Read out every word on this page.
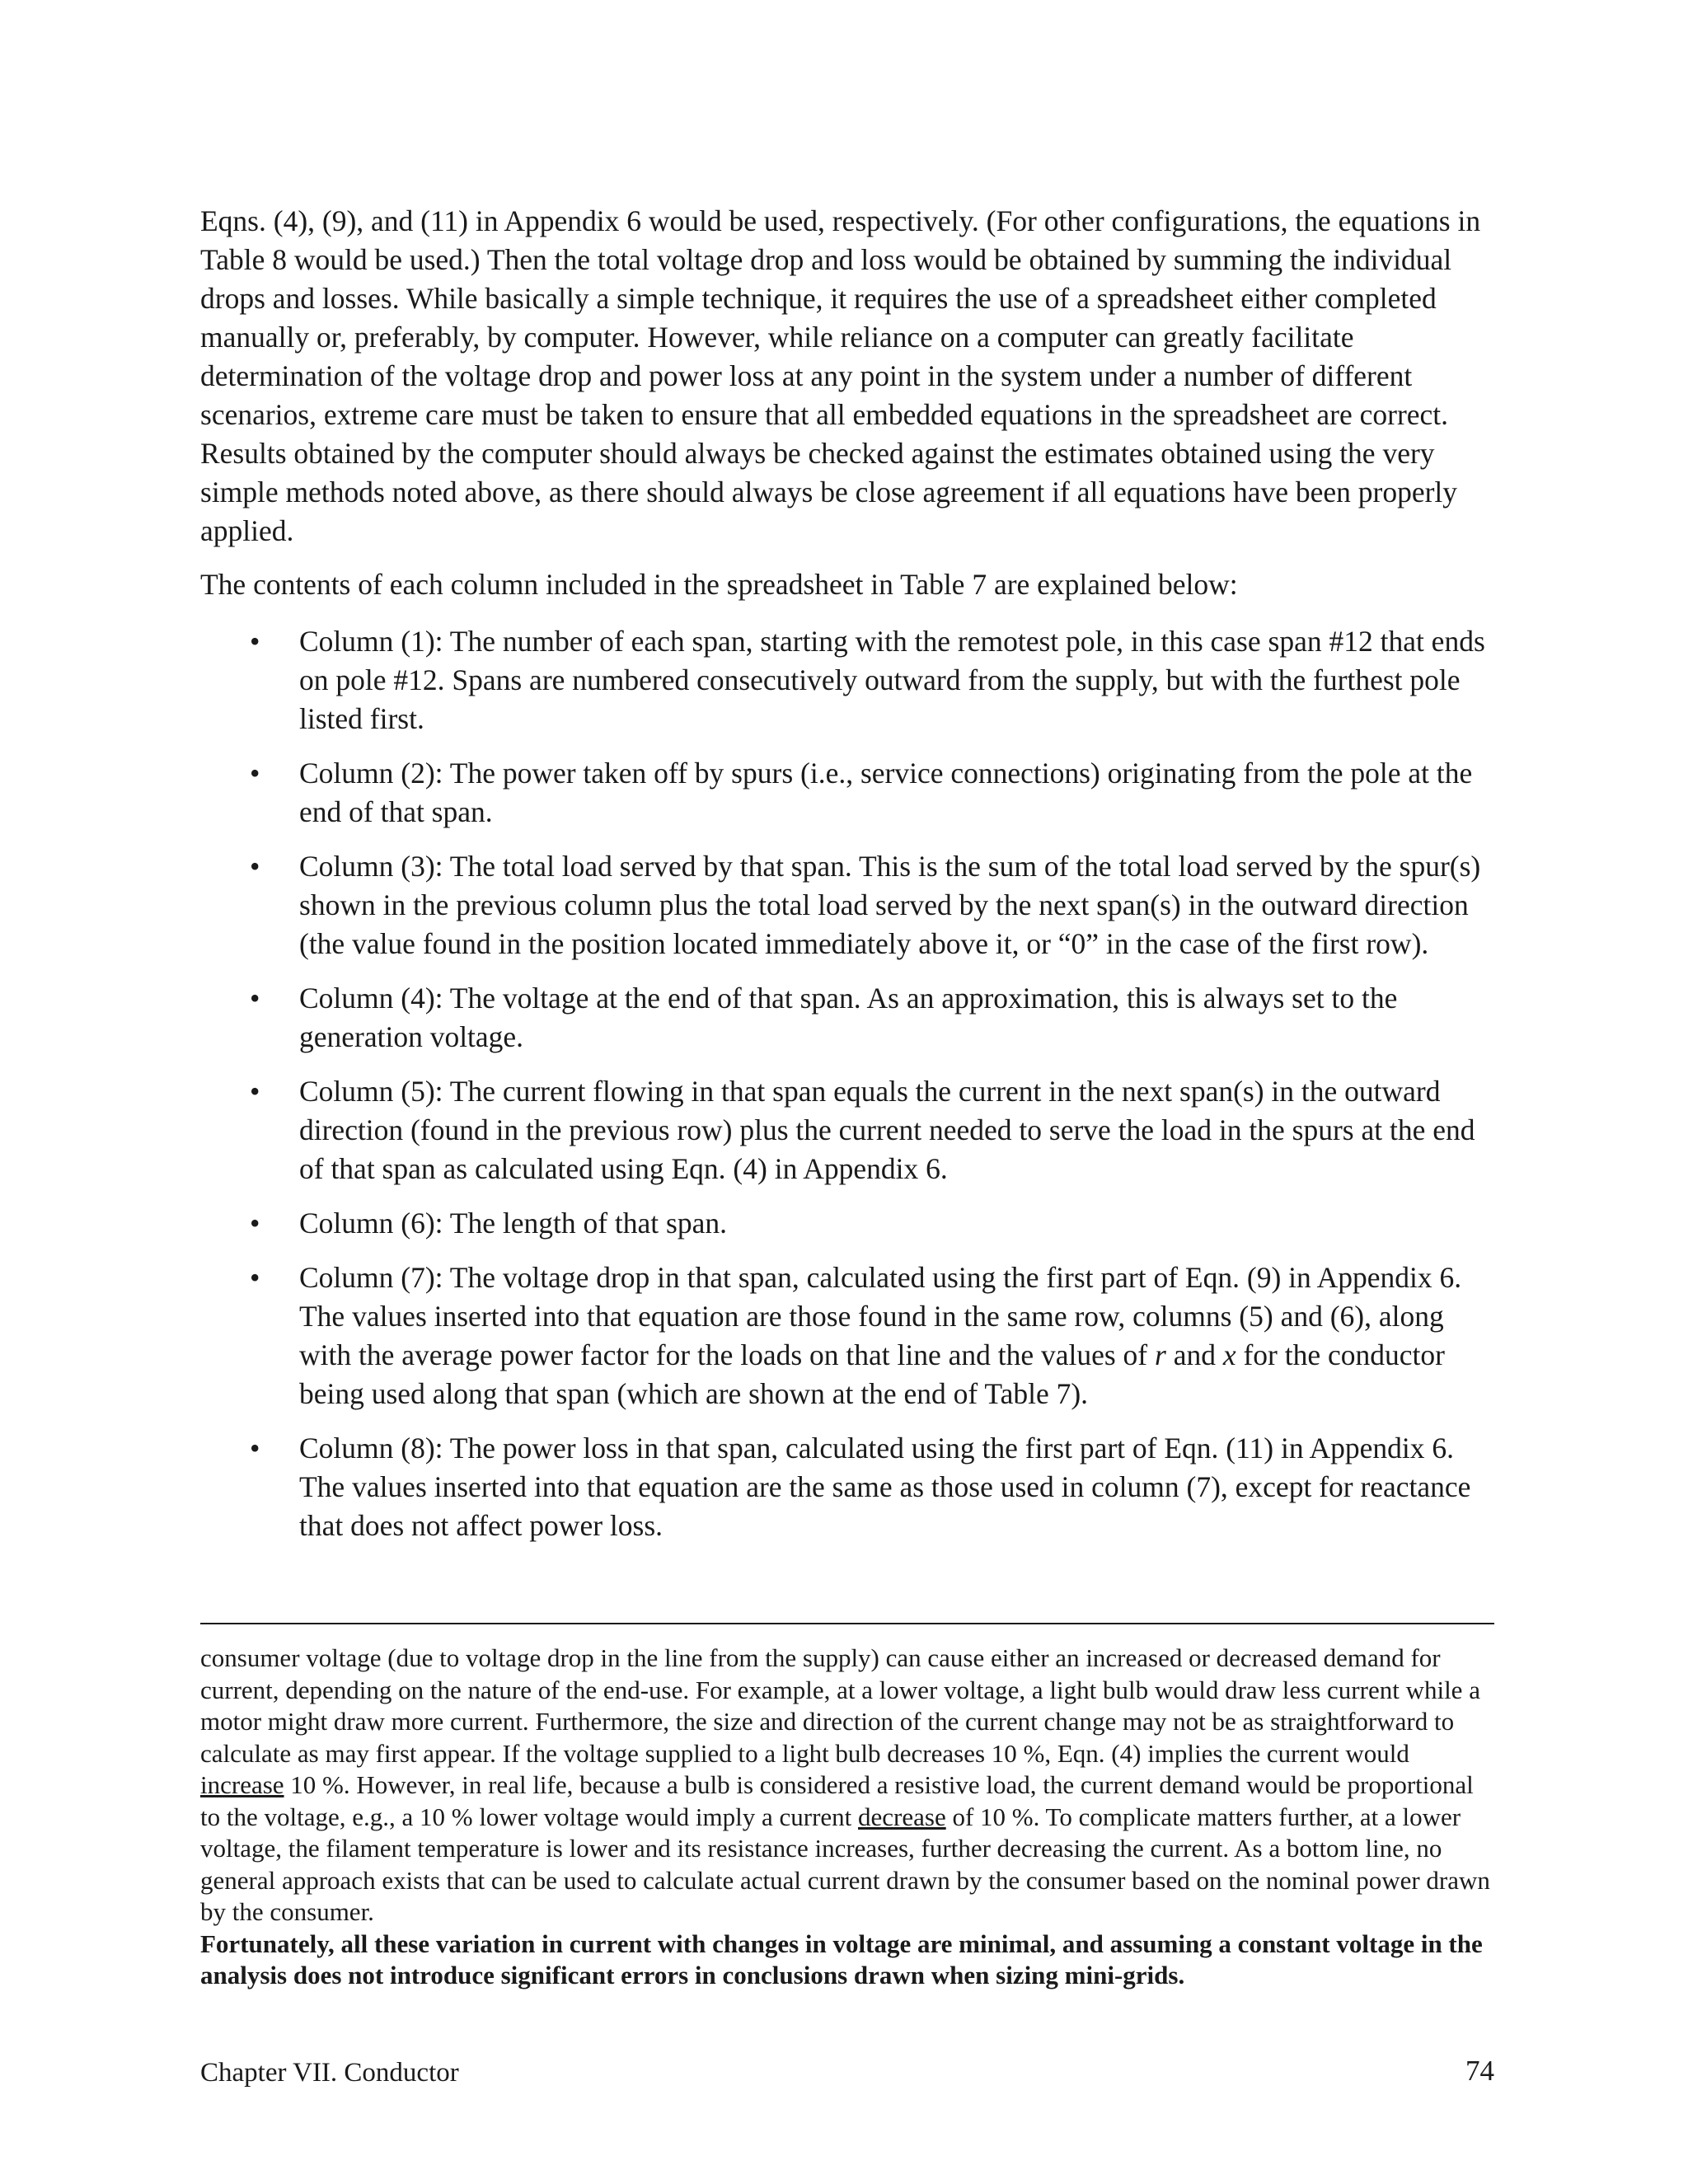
Eqns. (4), (9), and (11) in Appendix 6 would be used, respectively. (For other configurations, the equations in Table 8 would be used.) Then the total voltage drop and loss would be obtained by summing the individual drops and losses. While basically a simple technique, it requires the use of a spreadsheet either completed manually or, preferably, by computer. However, while reliance on a computer can greatly facilitate determination of the voltage drop and power loss at any point in the system under a number of different scenarios, extreme care must be taken to ensure that all embedded equations in the spreadsheet are correct. Results obtained by the computer should always be checked against the estimates obtained using the very simple methods noted above, as there should always be close agreement if all equations have been properly applied.

The contents of each column included in the spreadsheet in Table 7 are explained below:

• Column (1): The number of each span, starting with the remotest pole, in this case span #12 that ends on pole #12. Spans are numbered consecutively outward from the supply, but with the furthest pole listed first.
• Column (2): The power taken off by spurs (i.e., service connections) originating from the pole at the end of that span.
• Column (3): The total load served by that span. This is the sum of the total load served by the spur(s) shown in the previous column plus the total load served by the next span(s) in the outward direction (the value found in the position located immediately above it, or “0” in the case of the first row).
• Column (4): The voltage at the end of that span. As an approximation, this is always set to the generation voltage.
• Column (5): The current flowing in that span equals the current in the next span(s) in the outward direction (found in the previous row) plus the current needed to serve the load in the spurs at the end of that span as calculated using Eqn. (4) in Appendix 6.
• Column (6): The length of that span.
• Column (7): The voltage drop in that span, calculated using the first part of Eqn. (9) in Appendix 6. The values inserted into that equation are those found in the same row, columns (5) and (6), along with the average power factor for the loads on that line and the values of r and x for the conductor being used along that span (which are shown at the end of Table 7).
• Column (8): The power loss in that span, calculated using the first part of Eqn. (11) in Appendix 6. The values inserted into that equation are the same as those used in column (7), except for reactance that does not affect power loss.

consumer voltage (due to voltage drop in the line from the supply) can cause either an increased or decreased demand for current, depending on the nature of the end-use. For example, at a lower voltage, a light bulb would draw less current while a motor might draw more current. Furthermore, the size and direction of the current change may not be as straightforward to calculate as may first appear. If the voltage supplied to a light bulb decreases 10 %, Eqn. (4) implies the current would increase 10 %. However, in real life, because a bulb is considered a resistive load, the current demand would be proportional to the voltage, e.g., a 10 % lower voltage would imply a current decrease of 10 %. To complicate matters further, at a lower voltage, the filament temperature is lower and its resistance increases, further decreasing the current. As a bottom line, no general approach exists that can be used to calculate actual current drawn by the consumer based on the nominal power drawn by the consumer.

Fortunately, all these variation in current with changes in voltage are minimal, and assuming a constant voltage in the analysis does not introduce significant errors in conclusions drawn when sizing mini-grids.

Chapter VII. Conductor	74
